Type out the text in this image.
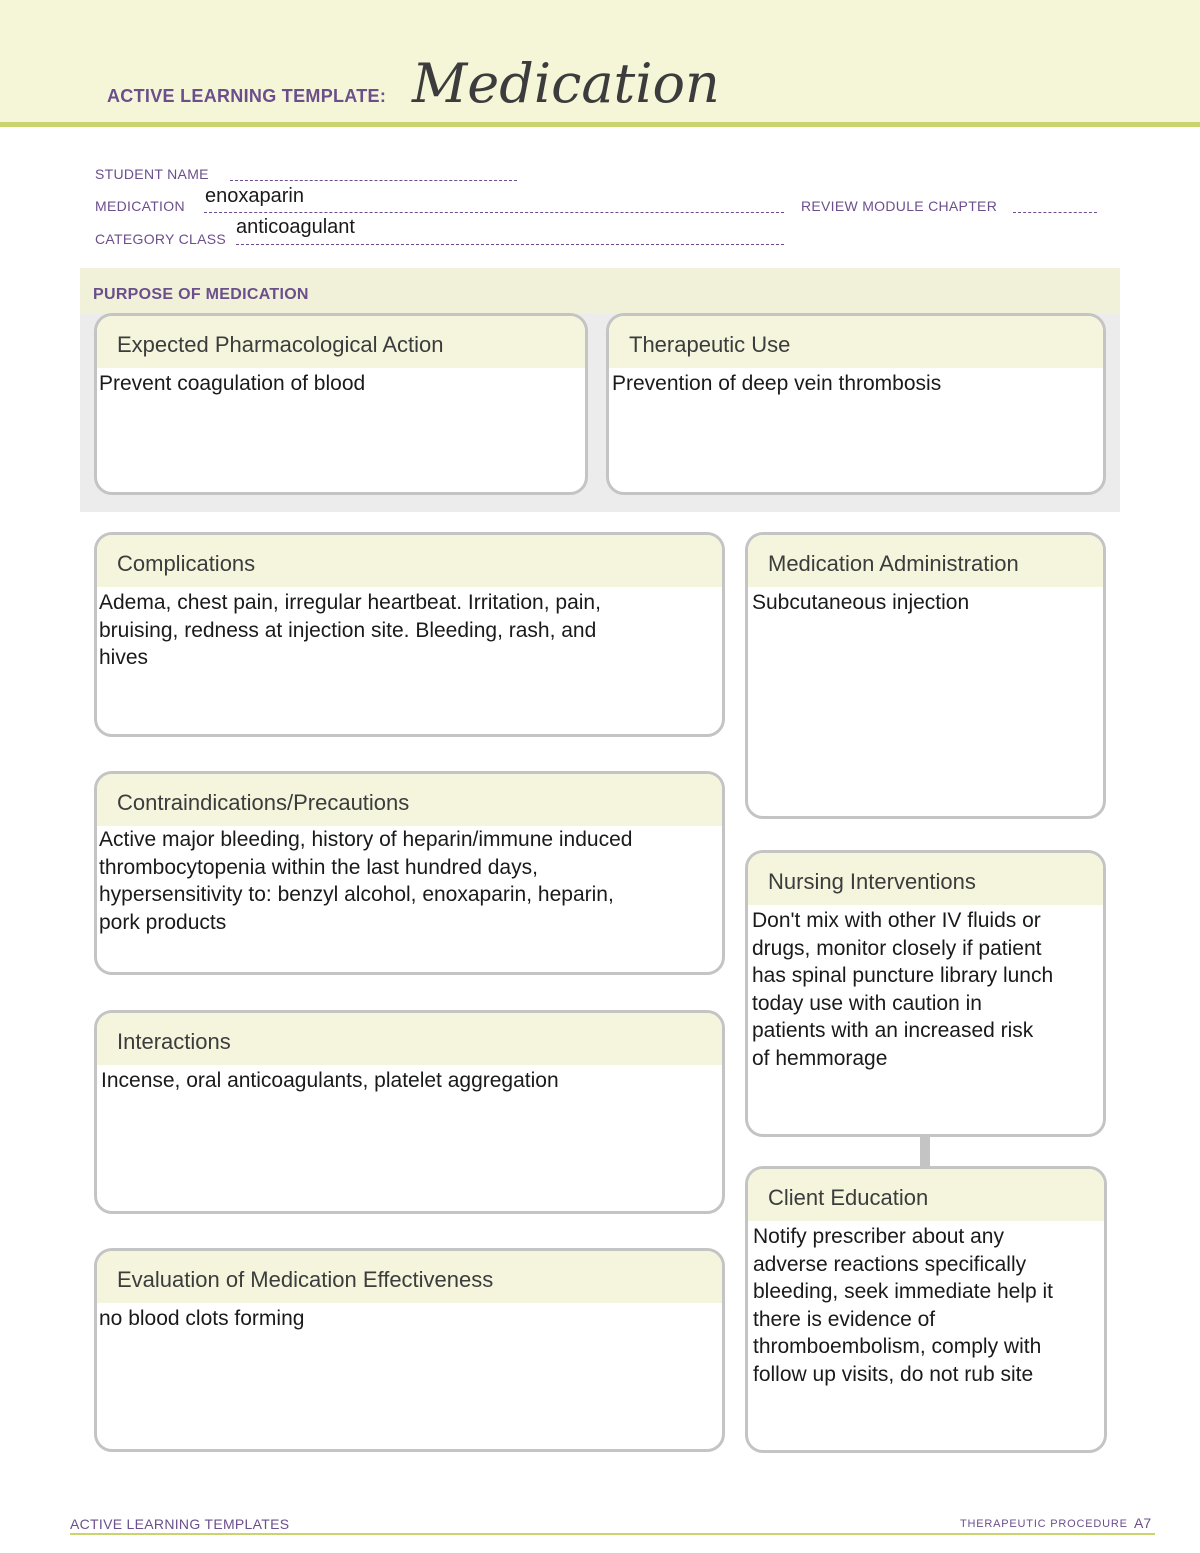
ACTIVE LEARNING TEMPLATE: Medication
STUDENT NAME
MEDICATION enoxaparin	REVIEW MODULE CHAPTER
CATEGORY CLASS
anticoagulant
PURPOSE OF MEDICATION
Expected Pharmacological Action
Prevent coagulation of blood
Therapeutic Use
Prevention of deep vein thrombosis
Complications
Adema, chest pain, irregular heartbeat. Irritation, pain,
bruising, redness at injection site. Bleeding, rash, and
hives
Contraindications/Precautions
Active major bleeding, history of heparin/immune induced
thrombocytopenia within the last hundred days,
hypersensitivity to: benzyl alcohol, enoxaparin, heparin,
pork products
Interactions
Incense, oral anticoagulants, platelet aggregation
Evaluation of Medication Effectiveness
no blood clots forming
Medication Administration
Subcutaneous injection
Nursing Interventions
Don't mix with other IV fluids or
drugs, monitor closely if patient
has spinal puncture library lunch
today use with caution in
patients with an increased risk
of hemmorage
Client Education
Notify prescriber about any
adverse reactions specifically
bleeding, seek immediate help it
there is evidence of
thromboembolism, comply with
follow up visits, do not rub site
ACTIVE LEARNING TEMPLATES	THERAPEUTIC PROCEDURE A7
